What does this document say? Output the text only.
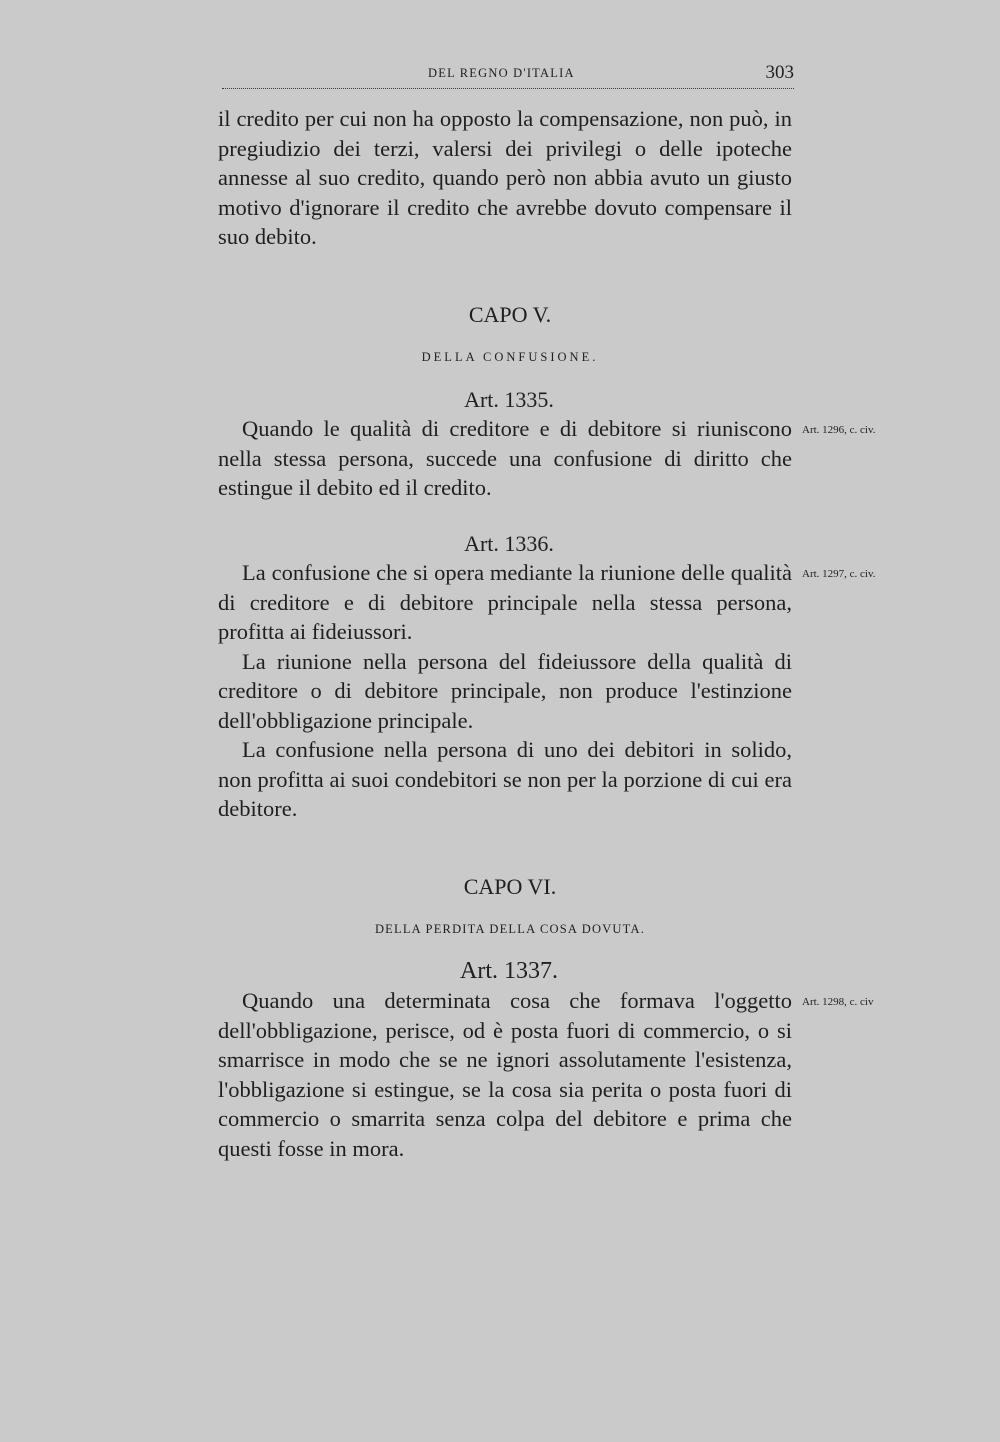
DEL REGNO D'ITALIA	303

il credito per cui non ha opposto la compensazione, non può, in pregiudizio dei terzi, valersi dei privilegi o delle ipoteche annesse al suo credito, quando però non abbia avuto un giusto motivo d'ignorare il credito che avrebbe dovuto compensare il suo debito.

CAPO V.
DELLA CONFUSIONE.
Art. 1335.
Art. 1296, c. civ.

Quando le qualità di creditore e di debitore si riuniscono nella stessa persona, succede una confusione di diritto che estingue il debito ed il credito.

Art. 1336.
Art. 1297, c. civ.

La confusione che si opera mediante la riunione delle qualità di creditore e di debitore principale nella stessa persona, profitta ai fideiussori.

La riunione nella persona del fideiussore della qualità di creditore o di debitore principale, non produce l'estinzione dell'obbligazione principale.

La confusione nella persona di uno dei debitori in solido, non profitta ai suoi condebitori se non per la porzione di cui era debitore.

CAPO VI.
DELLA PERDITA DELLA COSA DOVUTA.
Art. 1337.
Art. 1298, c. civ

Quando una determinata cosa che formava l'oggetto dell'obbligazione, perisce, od è posta fuori di commercio, o si smarrisce in modo che se ne ignori assolutamente l'esistenza, l'obbligazione si estingue, se la cosa sia perita o posta fuori di commercio o smarrita senza colpa del debitore e prima che questi fosse in mora.
